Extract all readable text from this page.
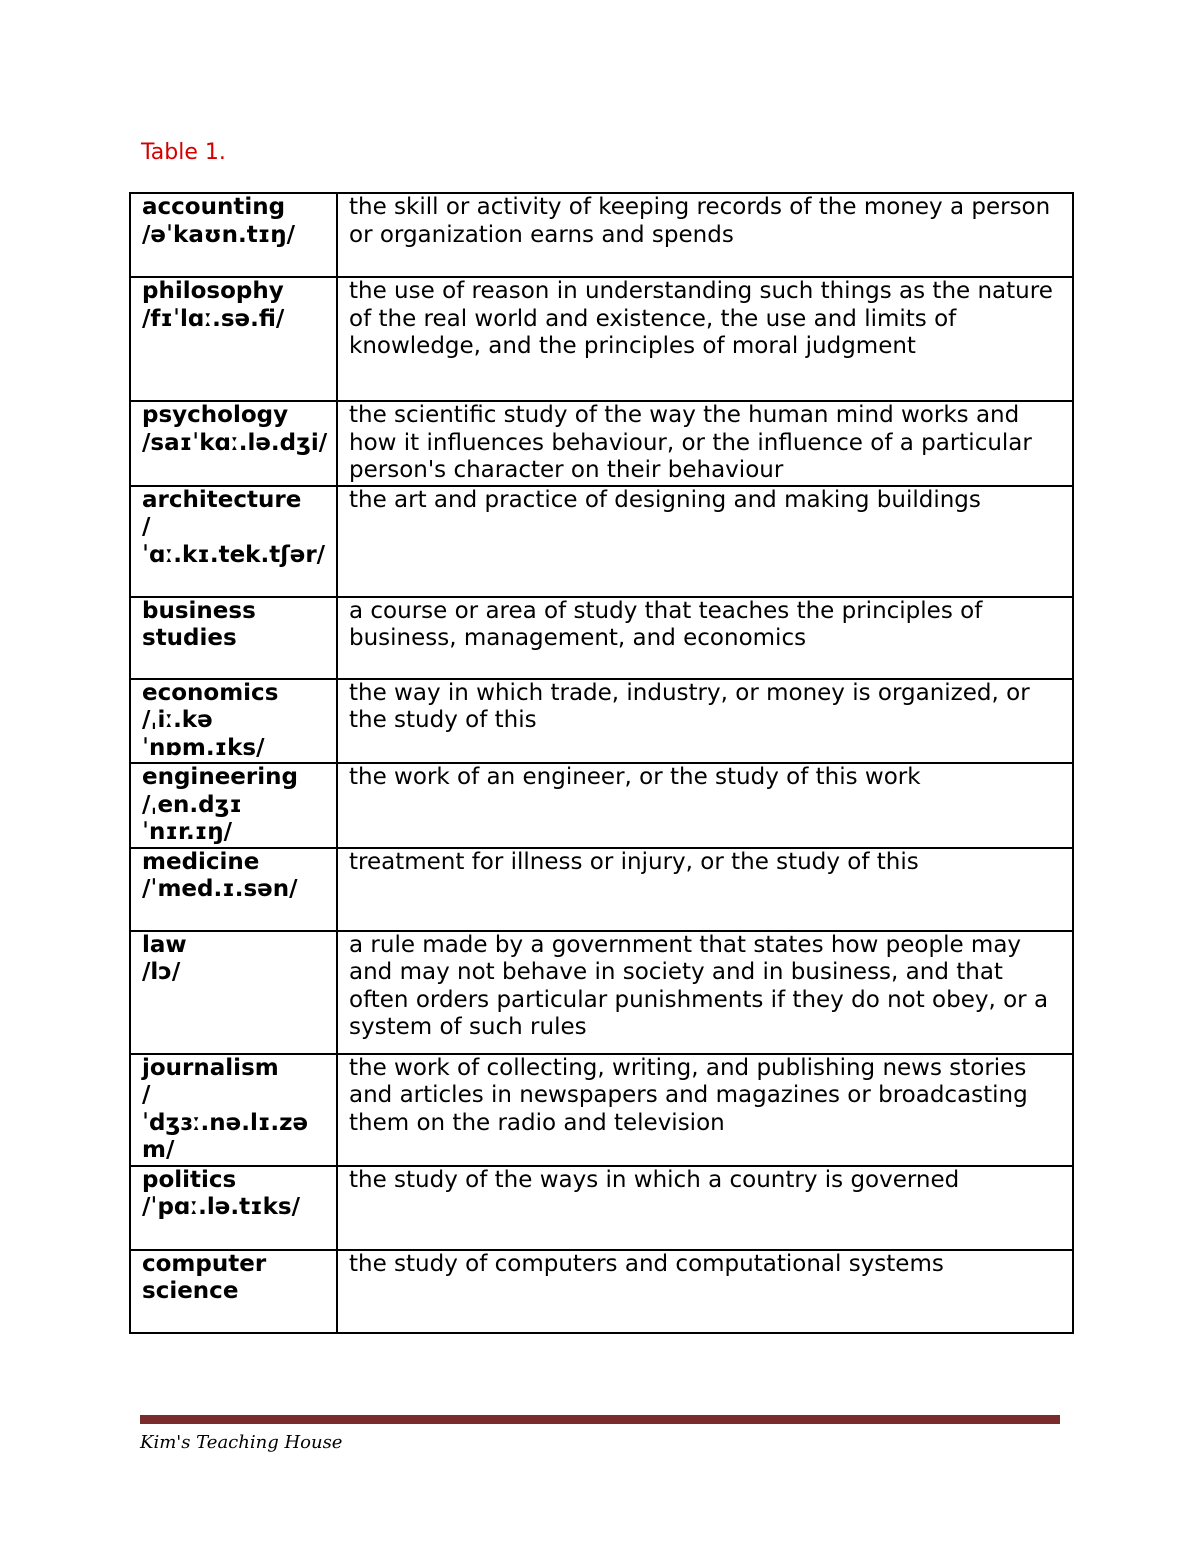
Table 1.
accounting
/əˈkaʊn.tɪŋ/	the skill or activity of keeping records of the money a person or organization earns and spends

philosophy
/fɪˈlɑː.sə.fi/	the use of reason in understanding such things as the nature of the real world and existence, the use and limits of knowledge, and the principles of moral judgment

psychology
/saɪˈkɑː.lə.dʒi/	the scientific study of the way the human mind works and how it influences behaviour, or the influence of a particular person's character on their behaviour

architecture
/ˈɑː.kɪ.tek.tʃər/	the art and practice of designing and making buildings

business studies	a course or area of study that teaches the principles of business, management, and economics

economics
/ˌiː.kəˈnɒm.ɪks/	the way in which trade, industry, or money is organized, or the study of this

engineering
/ˌen.dʒɪˈnɪr.ɪŋ/	the work of an engineer, or the study of this work

medicine
/ˈmed.ɪ.sən/	treatment for illness or injury, or the study of this

law
/lɔ/	a rule made by a government that states how people may and may not behave in society and in business, and that often orders particular punishments if they do not obey, or a system of such rules

journalism
/ˈdʒɜː.nə.lɪ.zəm/	the work of collecting, writing, and publishing news stories and articles in newspapers and magazines or broadcasting them on the radio and television

politics
/ˈpɑː.lə.tɪks/	the study of the ways in which a country is governed

computer science	the study of computers and computational systems
Kim's Teaching House
